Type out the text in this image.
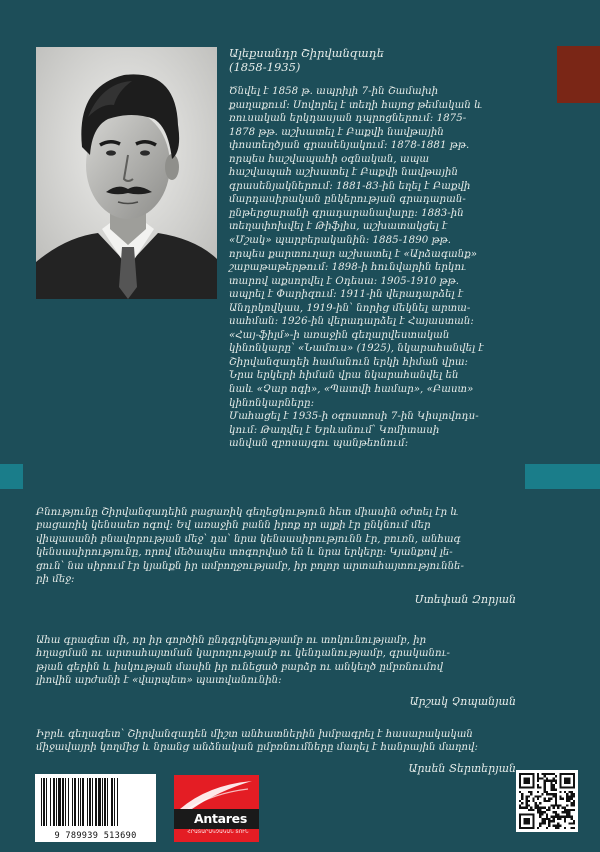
Ալեքսանդր Շիրվանզադե
(1858-1935)
Ծնվել է 1858 թ. ապրիլի 7-ին Շամախի
քաղաքում: Սովորել է տեղի հայոց թեմական և
ռուսական երկդասյան դպրոցներում: 1875-
1878 թթ. աշխատել է Բաքվի նավթային
փոստեղծյան գրասենյակում: 1878-1881 թթ.
որպես հաշվապահի օգնական, ապա
հաշվապահ աշխատել է Բաքվի նավթային
գրասենյակներում: 1881-83-ին եղել է Բաքվի
մարդասիրական ընկերության գրադարան-
ընթերցարանի գրադարանավարը: 1883-ին
տեղափոխվել է Թիֆլիս, աշխատակցել է
«Մշակ» պարբերականին: 1885-1890 թթ.
որպես քարտուղար աշխատել է «Արձագանք»
շաբաթաթերթում: 1898-ի հունվարին երկու
տարով աքսորվել է Օդեսա: 1905-1910 թթ.
ապրել է Փարիզում: 1911-ին վերադարձել է
Անդրկովկաս, 1919-ին՝ նորից մեկնել արտա-
սահման: 1926-ին վերադարձել է Հայաստան:
«Հայ-ֆիլմ»-ի առաջին գեղարվեստական
կինոնկարը՝ «Նամուս» (1925), նկարահանվել է
Շիրվանզադեի համանուն երկի հիման վրա:
Նրա երկերի հիման վրա նկարահանվել են
նաև «Չար ոգի», «Պատվի համար», «Բաստ»
կինոնկարները:
Մահացել է 1935-ի օգոստոսի 7-ին Կիսլովոդս-
կում: Թաղվել է Երևանում՝ Կոմիտասի
անվան զբոսայգու պանթեոնում:
Բնությունը Շիրվանզադեին բացառիկ գեղեցկություն հետ միասին օժտել էր և
բացառիկ կենսաեռ ոգով: Եվ առաջին բանն իրոք որ ալքի էր ընկնում մեր
վիպասանի բնավորության մեջ՝ դա՝ նրա կենսասիրությունն էր, բուռն, անհագ
կենսասիրությունը, որով մեծապես տոգորված են և նրա երկերը: Կյանքով լե-
ցուն՝ նա սիրում էր կյանքն իր ամբողջությամբ, իր բոլոր արտահայտություննե-
րի մեջ:
Ստեփան Զորյան
Ահա գրագետ մի, որ իր գործին ընդգրկելությամբ ու տոկունությամբ, իր
հղացման ու արտահայտման կարողությամբ ու կենդանությամբ, գրականու-
թյան գերին և իսկության մասին իր ունեցած բարձր ու անկեղծ ըմբռնումով
լիովին արժանի է «վարպետ» պատվանունին:
Արշակ Չոպանյան
Իբրև գեղագետ՝ Շիրվանզադեն միշտ անհատներին խմբագրել է հասարակական
միջավայրի կողմից և նրանց անձնական ըմբռնումները մաղել է հանրային մաղով:
Արսեն Տերտերյան
9 789939 513690
Antares
ՀՐԱՏԱՐԱԿՉԱԿԱՆ ՏՈՒՆ
